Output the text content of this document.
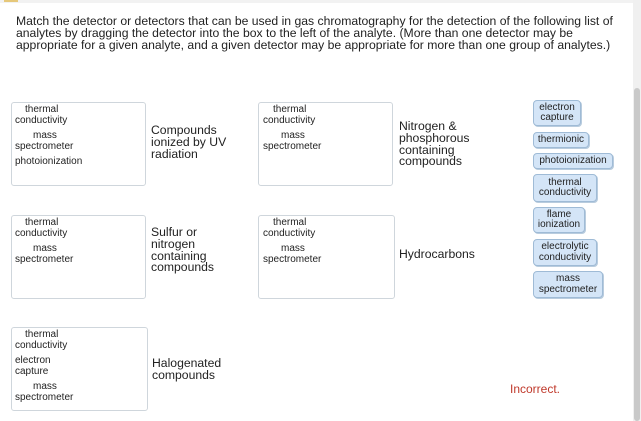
Match the detector or detectors that can be used in gas chromatography for the detection of the following list of analytes by dragging the detector into the box to the left of the analyte. (More than one detector may be appropriate for a given analyte, and a given detector may be appropriate for more than one group of analytes.)
thermal
conductivity
mass
spectrometer
photoionization
Compounds ionized by UV radiation
thermal
conductivity
mass
spectrometer
Nitrogen & phosphorous containing compounds
thermal
conductivity
mass
spectrometer
Sulfur or nitrogen containing compounds
thermal
conductivity
mass
spectrometer	Hydrocarbons
thermal
conductivity
electron
capture
mass
spectrometer
Halogenated compounds
electron capture
thermionic
photoionization
thermal conductivity
flame ionization
electrolytic conductivity
mass spectrometer
Incorrect.
